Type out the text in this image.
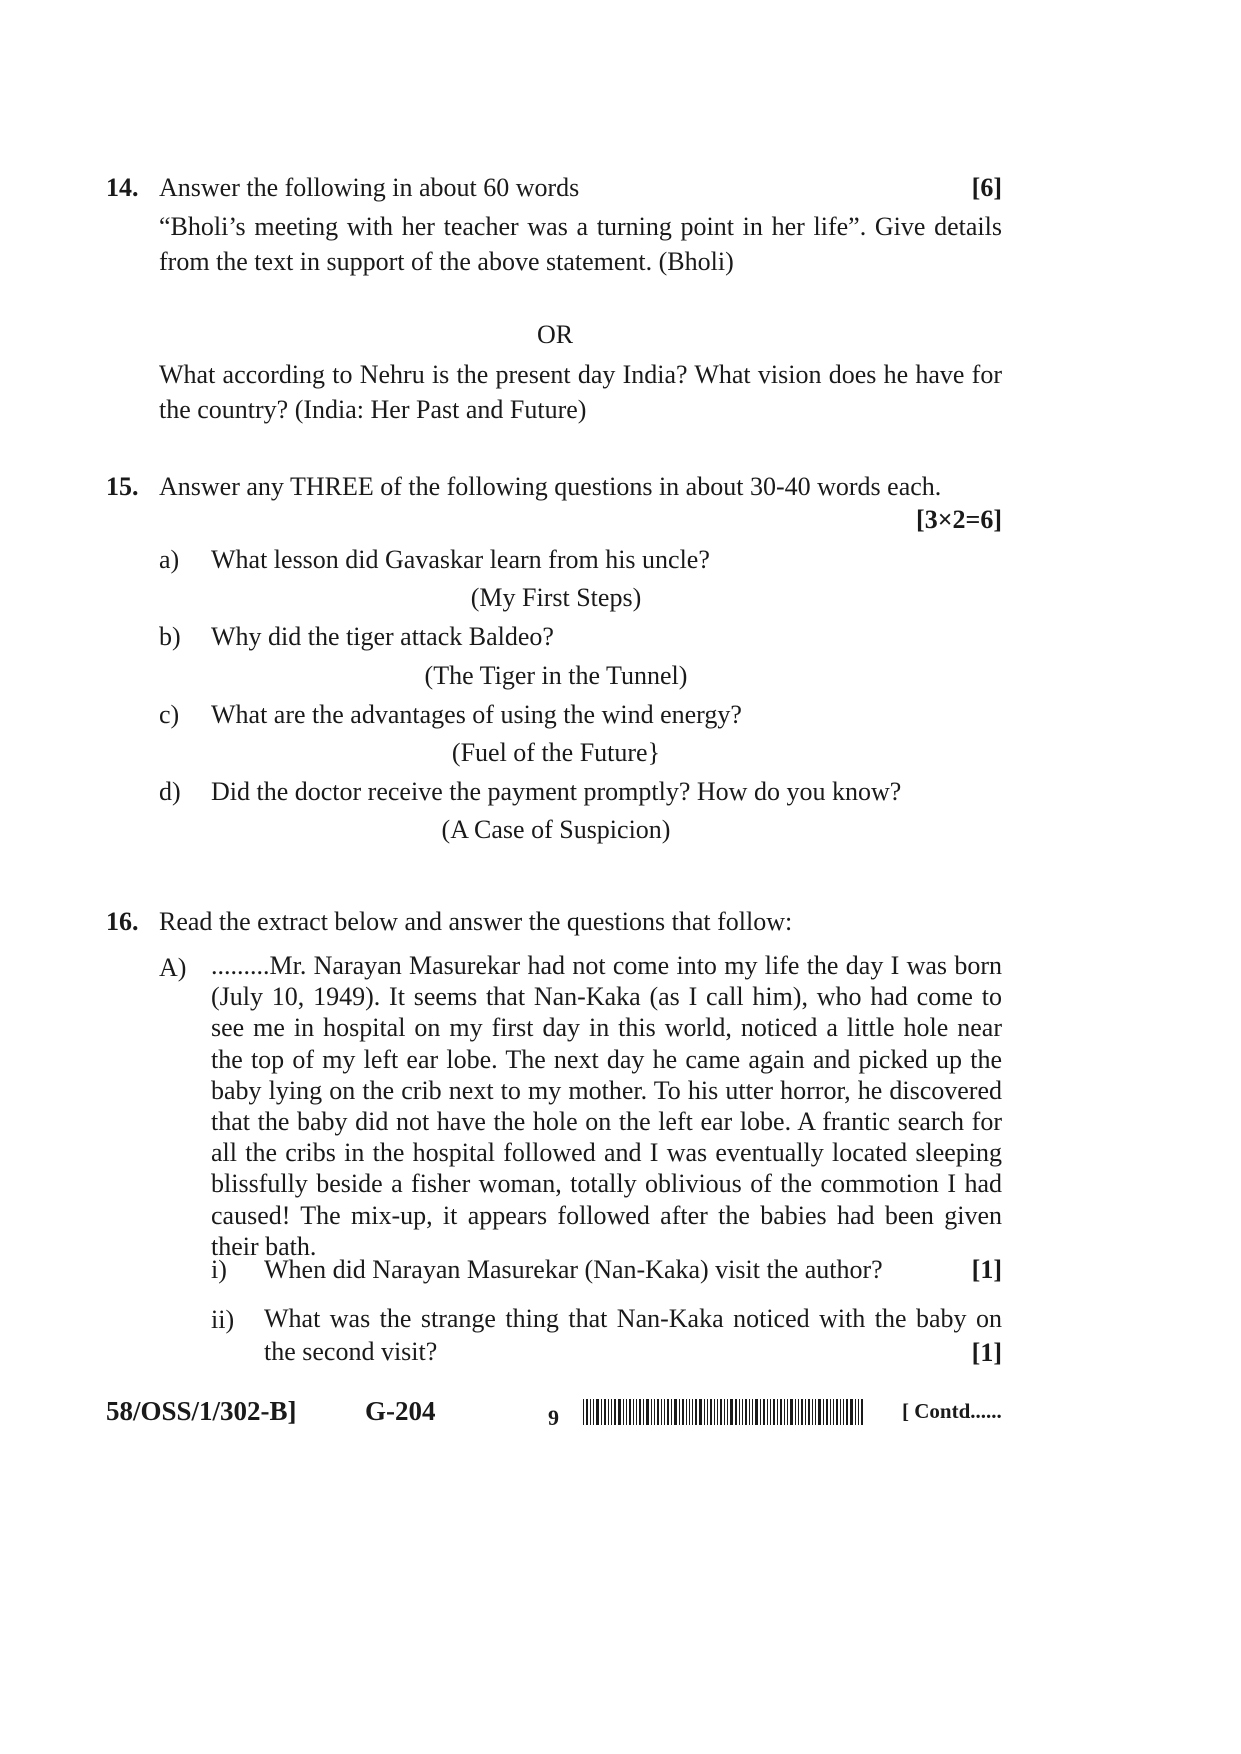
14. Answer the following in about 60 words	[6]
“Bholi’s meeting with her teacher was a turning point in her life”. Give details from the text in support of the above statement. (Bholi)
OR
What according to Nehru is the present day India? What vision does he have for the country? (India: Her Past and Future)
15. Answer any THREE of the following questions in about 30-40 words each.
[3×2=6]
a) What lesson did Gavaskar learn from his uncle?
(My First Steps)
b) Why did the tiger attack Baldeo?
(The Tiger in the Tunnel)
c) What are the advantages of using the wind energy?
(Fuel of the Future}
d) Did the doctor receive the payment promptly? How do you know?
(A Case of Suspicion)
16. Read the extract below and answer the questions that follow:
A) .........Mr. Narayan Masurekar had not come into my life the day I was born (July 10, 1949). It seems that Nan-Kaka (as I call him), who had come to see me in hospital on my first day in this world, noticed a little hole near the top of my left ear lobe. The next day he came again and picked up the baby lying on the crib next to my mother. To his utter horror, he discovered that the baby did not have the hole on the left ear lobe. A frantic search for all the cribs in the hospital followed and I was eventually located sleeping blissfully beside a fisher woman, totally oblivious of the commotion I had caused! The mix-up, it appears followed after the babies had been given their bath.
i) When did Narayan Masurekar (Nan-Kaka) visit the author?	[1]
ii) What was the strange thing that Nan-Kaka noticed with the baby on the second visit?	[1]
58/OSS/1/302-B]	G-204	9	[ Contd......
